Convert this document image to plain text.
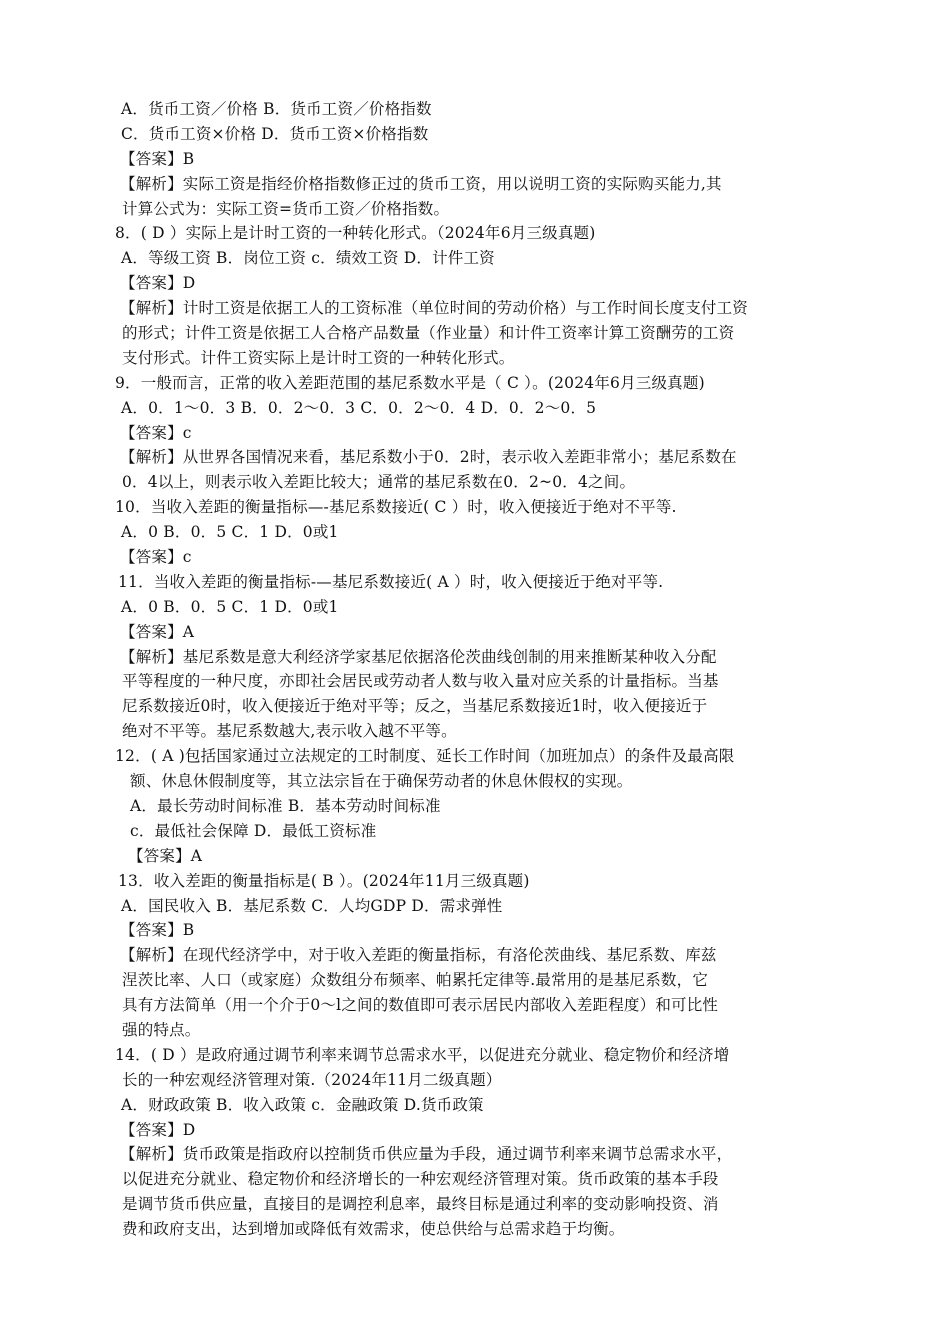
A．货币工资／价格 B．货币工资／价格指数
C．货币工资×价格 D．货币工资×价格指数
【答案】B
【解析】实际工资是指经价格指数修正过的货币工资，用以说明工资的实际购买能力,其
计算公式为：实际工资=货币工资／价格指数。
8．( D ）实际上是计时工资的一种转化形式。（2024年6月三级真题)
A．等级工资 B．岗位工资 c．绩效工资 D．计件工资
【答案】D
【解析】计时工资是依据工人的工资标准（单位时间的劳动价格）与工作时间长度支付工资
的形式；计件工资是依据工人合格产品数量（作业量）和计件工资率计算工资酬劳的工资
支付形式。计件工资实际上是计时工资的一种转化形式。
9．一般而言，正常的收入差距范围的基尼系数水平是（ C ）。(2024年6月三级真题)
A．0．1～0．3 B．0．2～0．3 C．0．2～0．4 D．0．2～0．5
【答案】c
【解析】从世界各国情况来看，基尼系数小于0．2时，表示收入差距非常小；基尼系数在
0．4以上，则表示收入差距比较大；通常的基尼系数在0．2~0．4之间。
10．当收入差距的衡量指标—-基尼系数接近( C ）时，收入便接近于绝对不平等.
A．0 B．0．5 C．1 D．0或1
【答案】c
11．当收入差距的衡量指标-—基尼系数接近( A ）时，收入便接近于绝对平等.
A．0 B．0．5 C．1 D．0或1
【答案】A
【解析】基尼系数是意大利经济学家基尼依据洛伦茨曲线创制的用来推断某种收入分配
平等程度的一种尺度，亦即社会居民或劳动者人数与收入量对应关系的计量指标。当基
尼系数接近0时，收入便接近于绝对平等；反之，当基尼系数接近1时，收入便接近于
绝对不平等。基尼系数越大,表示收入越不平等。
12．( A )包括国家通过立法规定的工时制度、延长工作时间（加班加点）的条件及最高限
额、休息休假制度等，其立法宗旨在于确保劳动者的休息休假权的实现。
A．最长劳动时间标准 B．基本劳动时间标准
c．最低社会保障 D．最低工资标准
【答案】A
13．收入差距的衡量指标是( B ）。(2024年11月三级真题)
A．国民收入 B．基尼系数 C．人均GDP D．需求弹性
【答案】B
【解析】在现代经济学中，对于收入差距的衡量指标，有洛伦茨曲线、基尼系数、库兹
涅茨比率、人口（或家庭）众数组分布频率、帕累托定律等.最常用的是基尼系数，它
具有方法简单（用一个介于0～l之间的数值即可表示居民内部收入差距程度）和可比性
强的特点。
14．( D ）是政府通过调节利率来调节总需求水平，以促进充分就业、稳定物价和经济增
长的一种宏观经济管理对策.（2024年11月二级真题）
A．财政政策 B．收入政策 c．金融政策 D.货币政策
【答案】D
【解析】货币政策是指政府以控制货币供应量为手段，通过调节利率来调节总需求水平，
以促进充分就业、稳定物价和经济增长的一种宏观经济管理对策。货币政策的基本手段
是调节货币供应量，直接目的是调控利息率，最终目标是通过利率的变动影响投资、消
费和政府支出，达到增加或降低有效需求，使总供给与总需求趋于均衡。
